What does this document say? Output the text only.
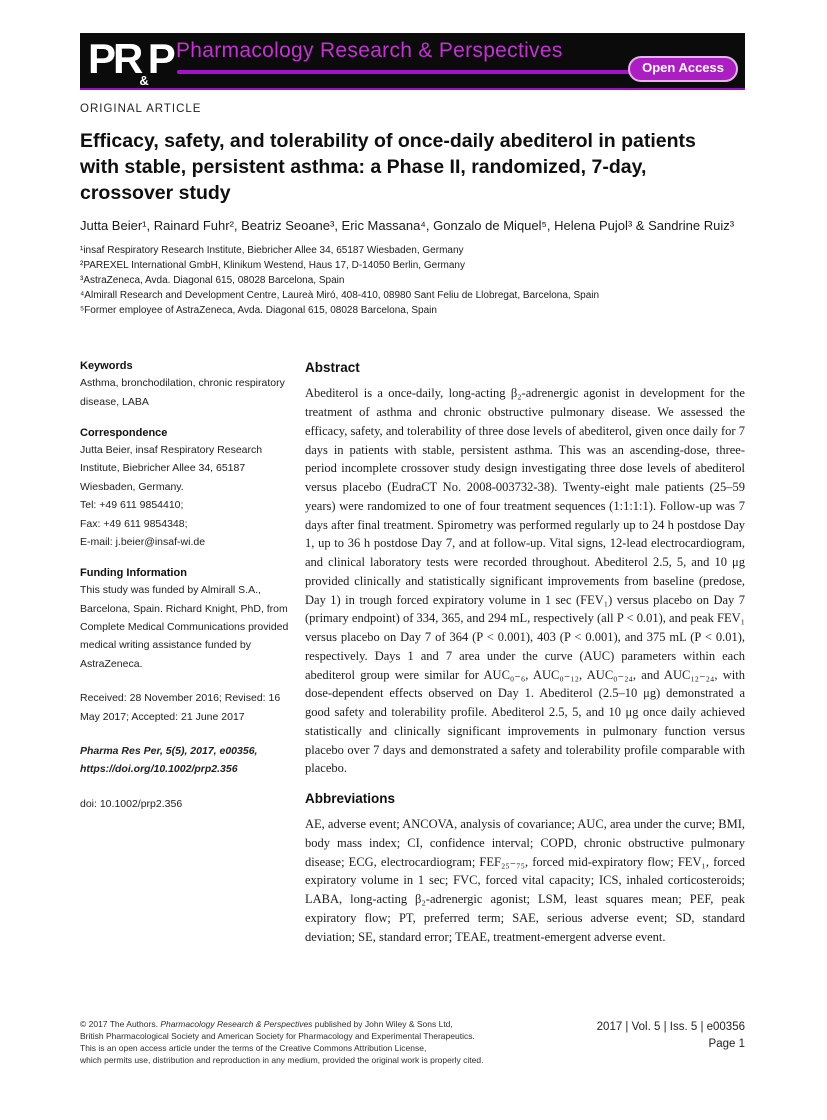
PR&P Pharmacology Research & Perspectives
Open Access
ORIGINAL ARTICLE
Efficacy, safety, and tolerability of once-daily abediterol in patients with stable, persistent asthma: a Phase II, randomized, 7-day, crossover study
Jutta Beier¹, Rainard Fuhr², Beatriz Seoane³, Eric Massana⁴, Gonzalo de Miquel⁵, Helena Pujol³ & Sandrine Ruiz³

¹insaf Respiratory Research Institute, Biebricher Allee 34, 65187 Wiesbaden, Germany

²PAREXEL International GmbH, Klinikum Westend, Haus 17, D-14050 Berlin, Germany

³AstraZeneca, Avda. Diagonal 615, 08028 Barcelona, Spain

⁴Almirall Research and Development Centre, Laureà Miró, 408-410, 08980 Sant Feliu de Llobregat, Barcelona, Spain

⁵Former employee of AstraZeneca, Avda. Diagonal 615, 08028 Barcelona, Spain

Keywords

Asthma, bronchodilation, chronic respiratory disease, LABA

Correspondence

Jutta Beier, insaf Respiratory Research Institute, Biebricher Allee 34, 65187 Wiesbaden, Germany.

Tel: +49 611 9854410;

Fax: +49 611 9854348;

E-mail: j.beier@insaf-wi.de

Funding Information

This study was funded by Almirall S.A., Barcelona, Spain. Richard Knight, PhD, from Complete Medical Communications provided medical writing assistance funded by AstraZeneca.

Received: 28 November 2016; Revised: 16 May 2017; Accepted: 21 June 2017

Pharma Res Per, 5(5), 2017, e00356,

https://doi.org/10.1002/prp2.356

doi: 10.1002/prp2.356

Abstract

Abediterol is a once-daily, long-acting β₂-adrenergic agonist in development for the treatment of asthma and chronic obstructive pulmonary disease. We assessed the efficacy, safety, and tolerability of three dose levels of abediterol, given once daily for 7 days in patients with stable, persistent asthma. This was an ascending-dose, three-period incomplete crossover study design investigating three dose levels of abediterol versus placebo (EudraCT No. 2008-003732-38). Twenty-eight male patients (25–59 years) were randomized to one of four treatment sequences (1:1:1:1). Follow-up was 7 days after final treatment. Spirometry was performed regularly up to 24 h postdose Day 1, up to 36 h postdose Day 7, and at follow-up. Vital signs, 12-lead electrocardiogram, and clinical laboratory tests were recorded throughout. Abediterol 2.5, 5, and 10 μg provided clinically and statistically significant improvements from baseline (predose, Day 1) in trough forced expiratory volume in 1 sec (FEV₁) versus placebo on Day 7 (primary endpoint) of 334, 365, and 294 mL, respectively (all P < 0.01), and peak FEV₁ versus placebo on Day 7 of 364 (P < 0.001), 403 (P < 0.001), and 375 mL (P < 0.01), respectively. Days 1 and 7 area under the curve (AUC) parameters within each abediterol group were similar for AUC₀₋₆, AUC₀₋₁₂, AUC₀₋₂₄, and AUC₁₂₋₂₄, with dose-dependent effects observed on Day 1. Abediterol (2.5–10 μg) demonstrated a good safety and tolerability profile. Abediterol 2.5, 5, and 10 μg once daily achieved statistically and clinically significant improvements in pulmonary function versus placebo over 7 days and demonstrated a safety and tolerability profile comparable with placebo.

Abbreviations

AE, adverse event; ANCOVA, analysis of covariance; AUC, area under the curve; BMI, body mass index; CI, confidence interval; COPD, chronic obstructive pulmonary disease; ECG, electrocardiogram; FEF₂₅₋₇₅, forced mid-expiratory flow; FEV₁, forced expiratory volume in 1 sec; FVC, forced vital capacity; ICS, inhaled corticosteroids; LABA, long-acting β₂-adrenergic agonist; LSM, least squares mean; PEF, peak expiratory flow; PT, preferred term; SAE, serious adverse event; SD, standard deviation; SE, standard error; TEAE, treatment-emergent adverse event.

© 2017 The Authors. Pharmacology Research & Perspectives published by John Wiley & Sons Ltd,
British Pharmacological Society and American Society for Pharmacology and Experimental Therapeutics.
This is an open access article under the terms of the Creative Commons Attribution License,
which permits use, distribution and reproduction in any medium, provided the original work is properly cited.
2017 | Vol. 5 | Iss. 5 | e00356
Page 1
